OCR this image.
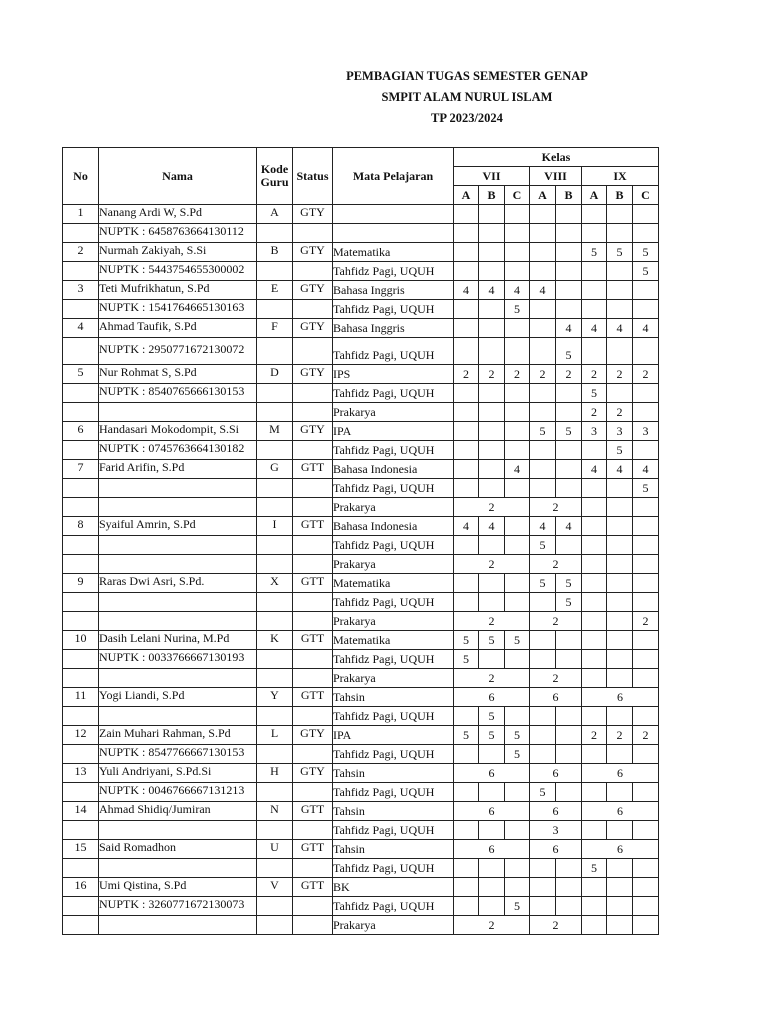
PEMBAGIAN TUGAS SEMESTER GENAP
SMPIT ALAM NURUL ISLAM
TP 2023/2024
No	Nama	Kode Guru	Status	Mata Pelajaran	Kelas							
					VII			VIII		IX		
					A	B	C	A	B	A	B	C
1	Nanang Ardi W, S.Pd	A	GTY									
	NUPTK : 6458763664130112											
2	Nurmah Zakiyah, S.Si	B	GTY	Matematika						5	5	5
	NUPTK : 5443754655300002			Tahfidz Pagi, UQUH								5
3	Teti Mufrikhatun, S.Pd	E	GTY	Bahasa Inggris	4	4	4	4				
	NUPTK : 1541764665130163			Tahfidz Pagi, UQUH			5					
4	Ahmad Taufik, S.Pd	F	GTY	Bahasa Inggris					4	4	4	4
	NUPTK : 2950771672130072			Tahfidz Pagi, UQUH					5			
5	Nur Rohmat S, S.Pd	D	GTY	IPS	2	2	2	2	2	2	2	2
	NUPTK : 8540765666130153			Tahfidz Pagi, UQUH						5		
				Prakarya						2	2	
6	Handasari Mokodompit, S.Si	M	GTY	IPA				5	5	3	3	3
	NUPTK : 0745763664130182			Tahfidz Pagi, UQUH							5	
7	Farid Arifin, S.Pd	G	GTT	Bahasa Indonesia			4			4	4	4
				Tahfidz Pagi, UQUH								5
				Prakarya	2			2				
8	Syaiful Amrin, S.Pd	I	GTT	Bahasa Indonesia	4	4		4	4			
				Tahfidz Pagi, UQUH				5				
				Prakarya	2			2				
9	Raras Dwi Asri, S.Pd.	X	GTT	Matematika				5	5			
				Tahfidz Pagi, UQUH					5			
				Prakarya	2			2				2
10	Dasih Lelani Nurina, M.Pd	K	GTT	Matematika	5	5	5					
	NUPTK : 0033766667130193			Tahfidz Pagi, UQUH	5							
				Prakarya	2			2				
11	Yogi Liandi, S.Pd	Y	GTT	Tahsin	6			6		6		
				Tahfidz Pagi, UQUH		5						
12	Zain Muhari Rahman, S.Pd	L	GTY	IPA	5	5	5			2	2	2
	NUPTK : 8547766667130153			Tahfidz Pagi, UQUH			5					
13	Yuli Andriyani, S.Pd.Si	H	GTY	Tahsin	6			6		6		
	NUPTK : 0046766667131213			Tahfidz Pagi, UQUH				5				
14	Ahmad Shidiq/Jumiran	N	GTT	Tahsin	6			6		6		
				Tahfidz Pagi, UQUH				3				
15	Said Romadhon	U	GTT	Tahsin	6			6		6		
				Tahfidz Pagi, UQUH						5		
16	Umi Qistina, S.Pd	V	GTT	BK								
	NUPTK : 3260771672130073			Tahfidz Pagi, UQUH			5					
				Prakarya	2			2				
